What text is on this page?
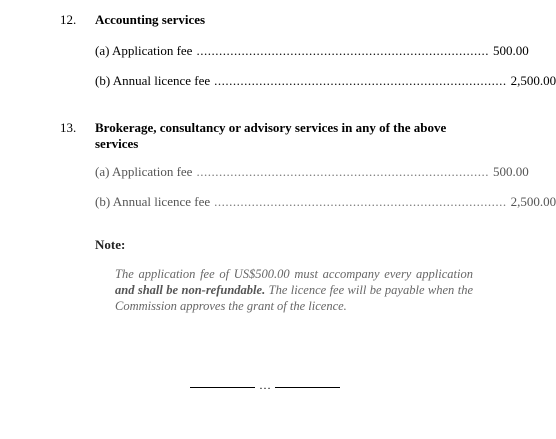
12. Accounting services
(a) Application fee .............................................................................. 500.00
(b) Annual licence fee .............................................................................. 2,500.00
13. Brokerage, consultancy or advisory services in any of the above services
(a) Application fee .............................................................................. 500.00
(b) Annual licence fee .............................................................................. 2,500.00
Note:
The application fee of US$500.00 must accompany every application and shall be non-refundable. The licence fee will be payable when the Commission approves the grant of the licence.
…
